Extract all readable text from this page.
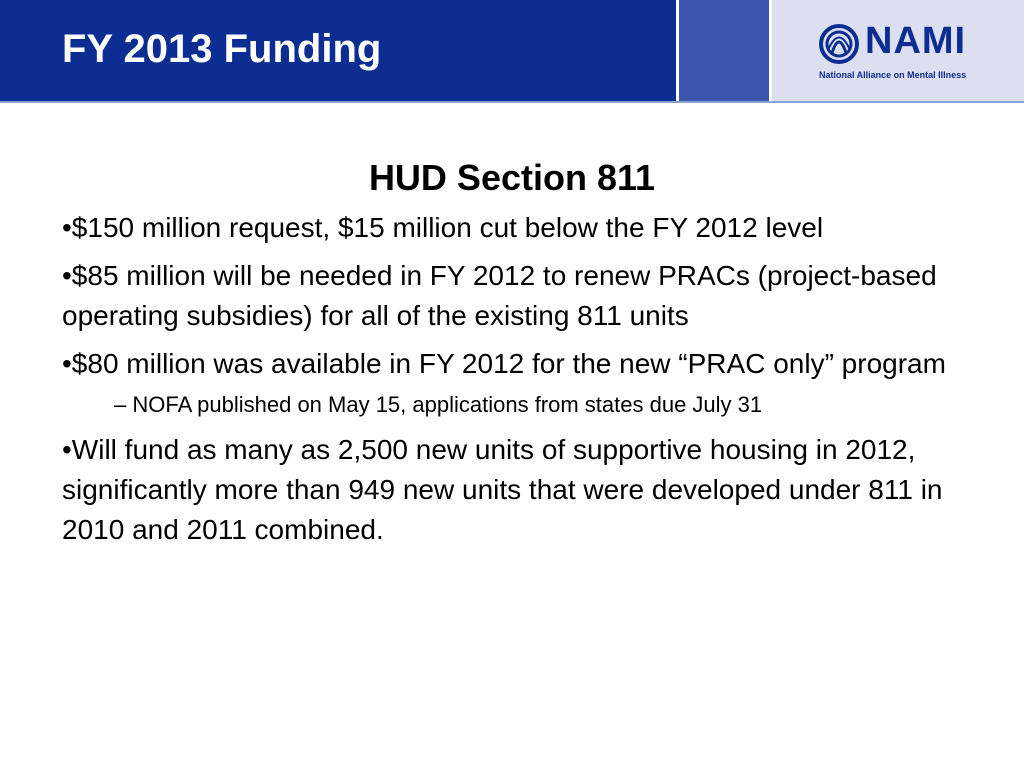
FY 2013 Funding	NAMI
National Alliance on Mental Illness
HUD Section 811
•$150 million request, $15 million cut below the FY 2012 level
•$85 million will be needed in FY 2012 to renew PRACs (project-based operating subsidies) for all of the existing 811 units
•$80 million was available in FY 2012 for the new “PRAC only” program
– NOFA published on May 15, applications from states due July 31
•Will fund as many as 2,500 new units of supportive housing in 2012, significantly more than 949 new units that were developed under 811 in 2010 and 2011 combined.
